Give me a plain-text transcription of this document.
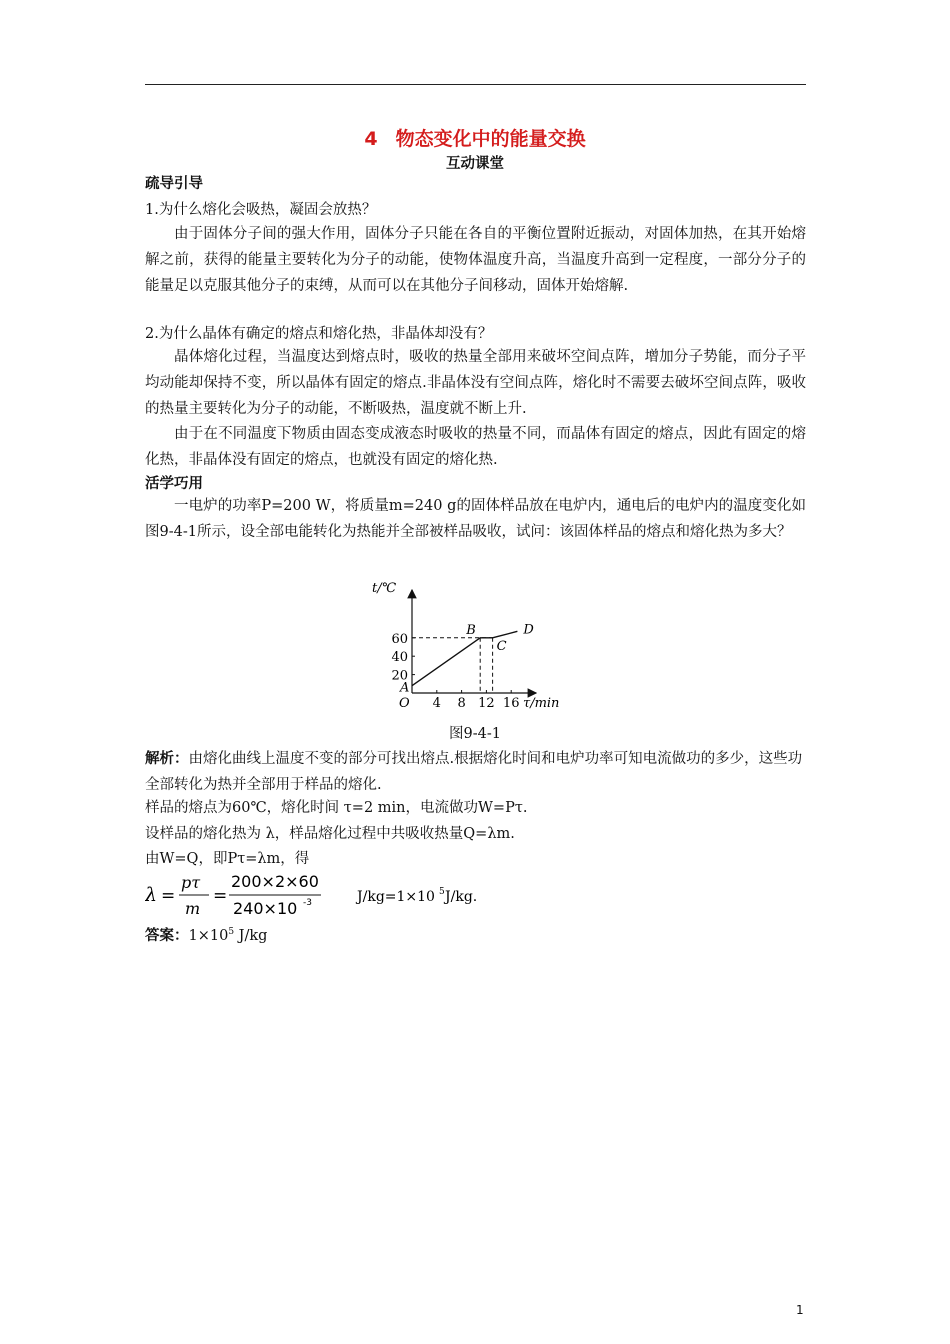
4 物态变化中的能量交换
互动课堂
疏导引导
1.为什么熔化会吸热，凝固会放热？
由于固体分子间的强大作用，固体分子只能在各自的平衡位置附近振动，对固体加热，在其开始熔解之前，获得的能量主要转化为分子的动能，使物体温度升高，当温度升高到一定程度，一部分分子的能量足以克服其他分子的束缚，从而可以在其他分子间移动，固体开始熔解.
2.为什么晶体有确定的熔点和熔化热，非晶体却没有？
晶体熔化过程，当温度达到熔点时，吸收的热量全部用来破坏空间点阵，增加分子势能，而分子平均动能却保持不变，所以晶体有固定的熔点.非晶体没有空间点阵，熔化时不需要去破坏空间点阵，吸收的热量主要转化为分子的动能，不断吸热，温度就不断上升.
由于在不同温度下物质由固态变成液态时吸收的热量不同，而晶体有固定的熔点，因此有固定的熔化热，非晶体没有固定的熔点，也就没有固定的熔化热.
活学巧用
一电炉的功率P=200 W，将质量m=240 g的固体样品放在电炉内，通电后的电炉内的温度变化如图9-4-1所示，设全部电能转化为热能并全部被样品吸收，试问：该固体样品的熔点和熔化热为多大？
t/℃
τ/min
O 4 8 12 16
20
40
60
A
B
C
D
图9-4-1
解析：由熔化曲线上温度不变的部分可找出熔点.根据熔化时间和电炉功率可知电流做功的多少，这些功全部转化为热并全部用于样品的熔化.
样品的熔点为60℃，熔化时间 τ=2 min，电流做功W=Pτ.
设样品的熔化热为 λ，样品熔化过程中共吸收热量Q=λm.
由W=Q，即Pτ=λm，得
λ =
pτ
m
=
200×2×60
240×10 -3	J/kg=1×10 5 J/kg.
答案：$1\times 10^5$ J/kg
1
